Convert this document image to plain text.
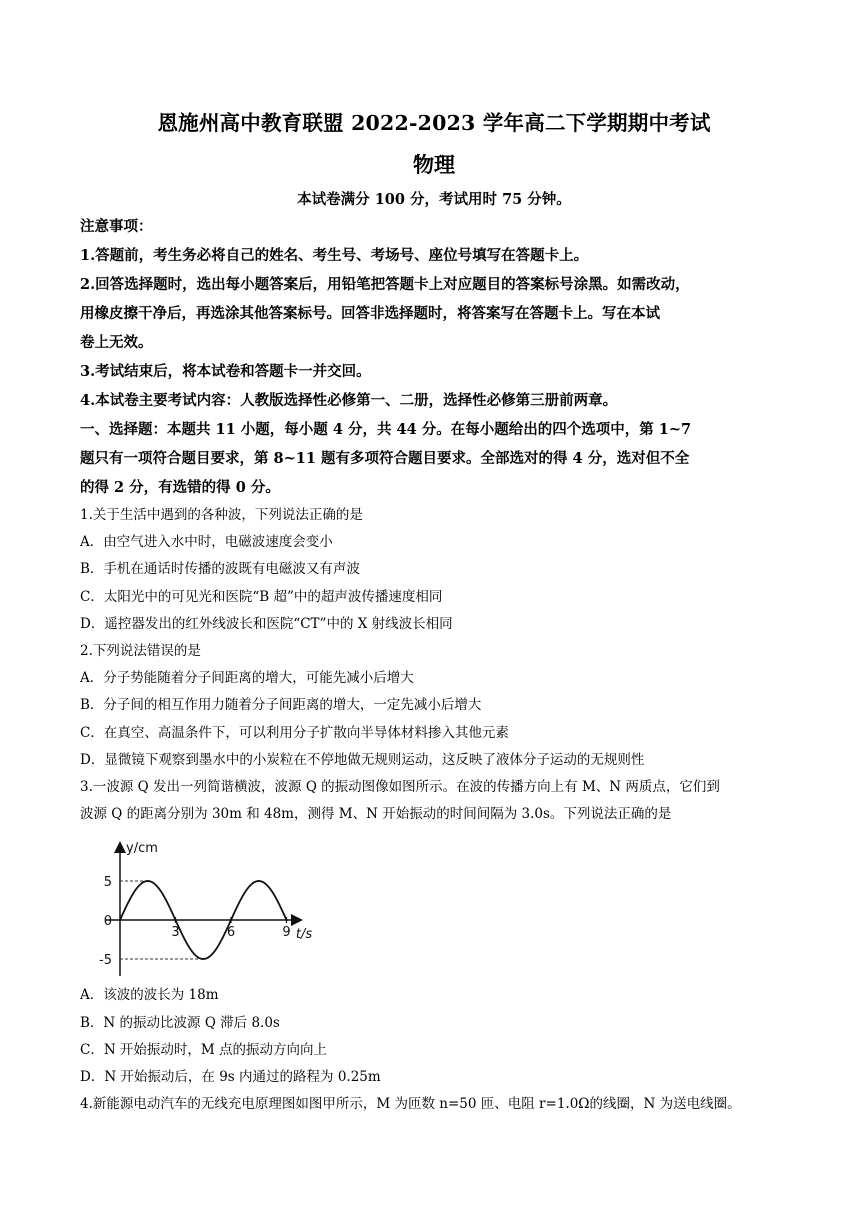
恩施州高中教育联盟 2022-2023 学年高二下学期期中考试

物理

本试卷满分 100 分，考试用时 75 分钟。

注意事项：

1.答题前，考生务必将自己的姓名、考生号、考场号、座位号填写在答题卡上。

2.回答选择题时，选出每小题答案后，用铅笔把答题卡上对应题目的答案标号涂黑。如需改动，

用橡皮擦干净后，再选涂其他答案标号。回答非选择题时，将答案写在答题卡上。写在本试

卷上无效。

3.考试结束后，将本试卷和答题卡一并交回。

4.本试卷主要考试内容：人教版选择性必修第一、二册，选择性必修第三册前两章。

一、选择题：本题共 11 小题，每小题 4 分，共 44 分。在每小题给出的四个选项中，第 1~7

题只有一项符合题目要求，第 8~11 题有多项符合题目要求。全部选对的得 4 分，选对但不全

的得 2 分，有选错的得 0 分。

1.关于生活中遇到的各种波，下列说法正确的是

A．由空气进入水中时，电磁波速度会变小

B．手机在通话时传播的波既有电磁波又有声波

C．太阳光中的可见光和医院“B 超”中的超声波传播速度相同

D．遥控器发出的红外线波长和医院“CT”中的 X 射线波长相同

2.下列说法错误的是

A．分子势能随着分子间距离的增大，可能先减小后增大

B．分子间的相互作用力随着分子间距离的增大，一定先减小后增大

C．在真空、高温条件下，可以利用分子扩散向半导体材料掺入其他元素

D．显微镜下观察到墨水中的小炭粒在不停地做无规则运动，这反映了液体分子运动的无规则性

3.一波源 Q 发出一列简谐横波，波源 Q 的振动图像如图所示。在波的传播方向上有 M、N 两质点，它们到

波源 Q 的距离分别为 30m 和 48m，测得 M、N 开始振动的时间间隔为 3.0s。下列说法正确的是

y/cm
t/s
5
0
-5
3	6	9

A．该波的波长为 18m

B．N 的振动比波源 Q 滞后 8.0s

C．N 开始振动时，M 点的振动方向向上

D．N 开始振动后，在 9s 内通过的路程为 0.25m

4.新能源电动汽车的无线充电原理图如图甲所示，M 为匝数 n=50 匝、电阻 r=1.0Ω的线圈，N 为送电线圈。
